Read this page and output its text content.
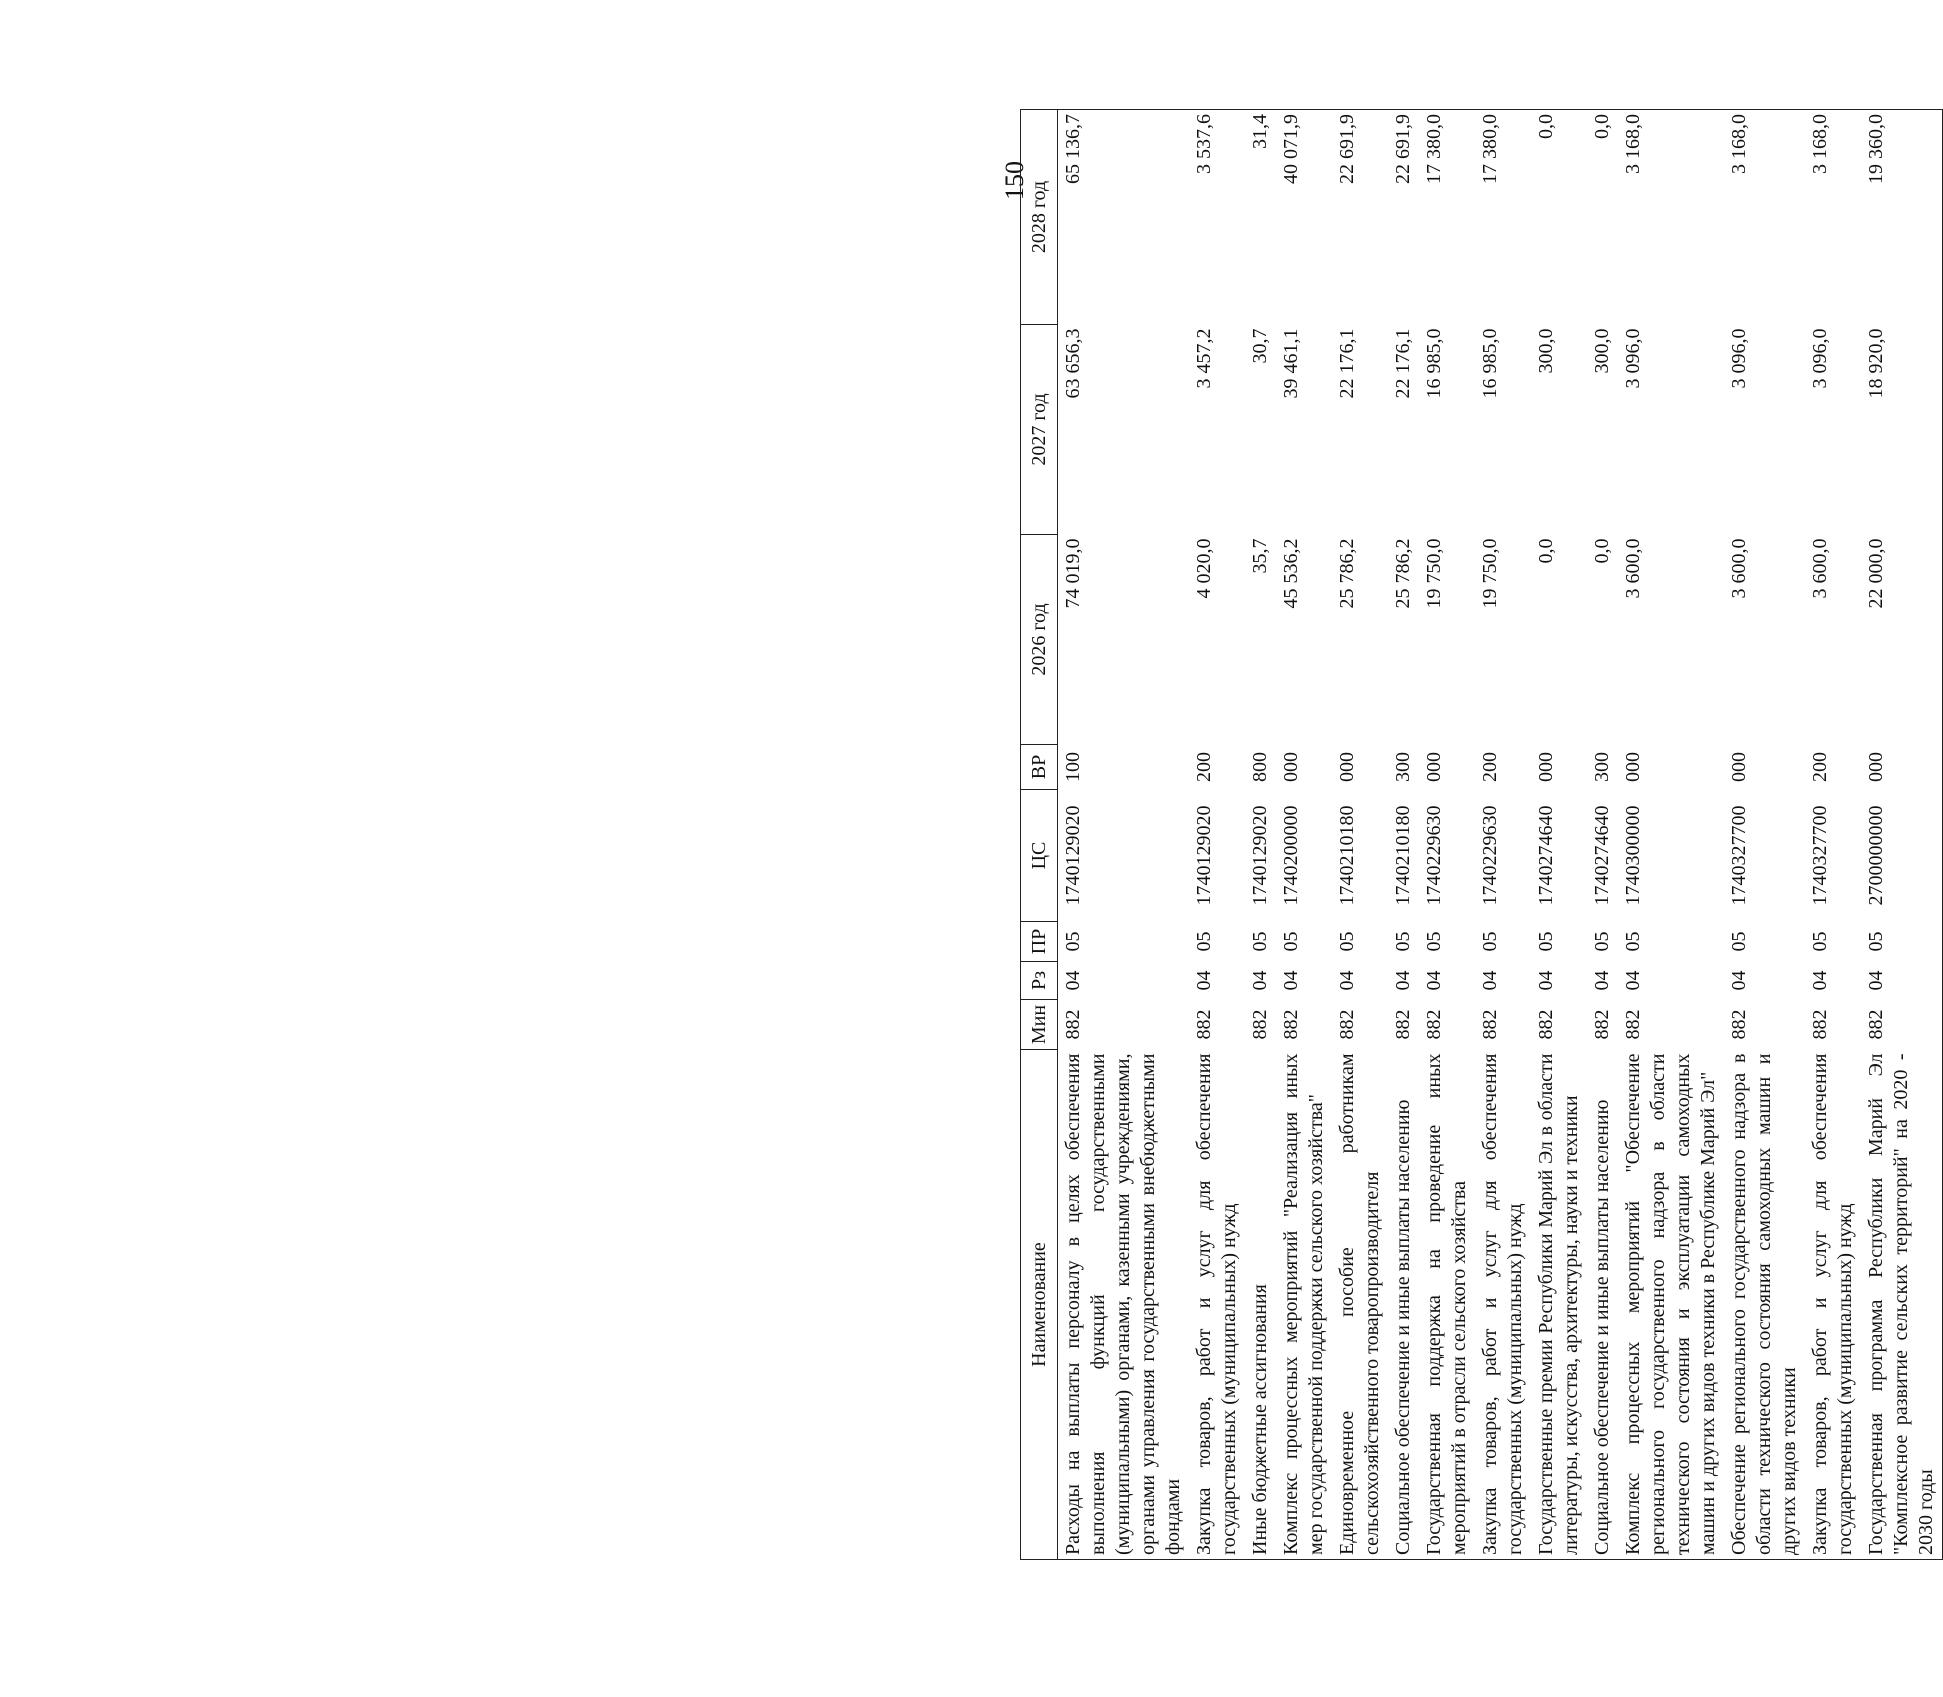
150
Наименование	Мин	Рз	ПР	ЦС	ВР	2026 год	2027 год	2028 год
Расходы на выплаты персоналу в целях обеспечения выполнения функций государственными (муниципальными) органами, казенными учреждениями, органами управления государственными внебюджетными фондами	882	04	05	1740129020	100	74 019,0	63 656,3	65 136,7
Закупка товаров, работ и услуг для обеспечения государственных (муниципальных) нужд	882	04	05	1740129020	200	4 020,0	3 457,2	3 537,6
Иные бюджетные ассигнования	882	04	05	1740129020	800	35,7	30,7	31,4
Комплекс процессных мероприятий "Реализация иных мер государственной поддержки сельского хозяйства"	882	04	05	1740200000	000	45 536,2	39 461,1	40 071,9
Единовременное пособие работникам сельскохозяйственного товаропроизводителя	882	04	05	1740210180	000	25 786,2	22 176,1	22 691,9
Социальное обеспечение и иные выплаты населению	882	04	05	1740210180	300	25 786,2	22 176,1	22 691,9
Государственная поддержка на проведение иных мероприятий в отрасли сельского хозяйства	882	04	05	1740229630	000	19 750,0	16 985,0	17 380,0
Закупка товаров, работ и услуг для обеспечения государственных (муниципальных) нужд	882	04	05	1740229630	200	19 750,0	16 985,0	17 380,0
Государственные премии Республики Марий Эл в области литературы, искусства, архитектуры, науки и техники	882	04	05	1740274640	000	0,0	300,0	0,0
Социальное обеспечение и иные выплаты населению	882	04	05	1740274640	300	0,0	300,0	0,0
Комплекс процессных мероприятий "Обеспечение регионального государственного надзора в области технического состояния и эксплуатации самоходных машин и других видов техники в Республике Марий Эл"	882	04	05	1740300000	000	3 600,0	3 096,0	3 168,0
Обеспечение регионального государственного надзора в области технического состояния самоходных машин и других видов техники	882	04	05	1740327700	000	3 600,0	3 096,0	3 168,0
Закупка товаров, работ и услуг для обеспечения государственных (муниципальных) нужд	882	04	05	1740327700	200	3 600,0	3 096,0	3 168,0
Государственная программа Республики Марий Эл "Комплексное развитие сельских территорий" на 2020 - 2030 годы	882	04	05	2700000000	000	22 000,0	18 920,0	19 360,0
